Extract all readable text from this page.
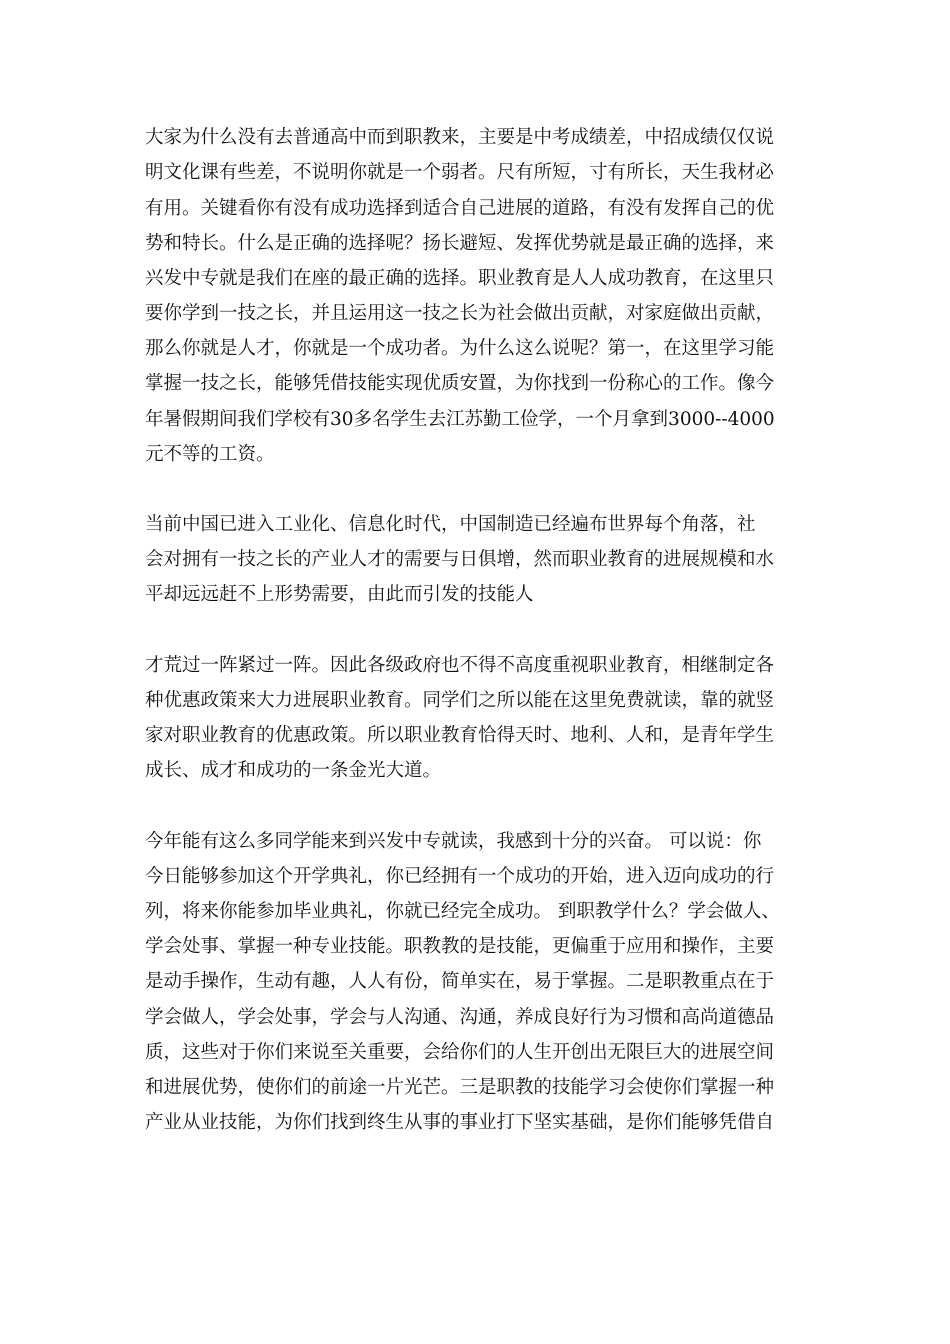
大家为什么没有去普通高中而到职教来，主要是中考成绩差，中招成绩仅仅说
明文化课有些差，不说明你就是一个弱者。尺有所短，寸有所长，天生我材必
有用。关键看你有没有成功选择到适合自己进展的道路，有没有发挥自己的优
势和特长。什么是正确的选择呢？扬长避短、发挥优势就是最正确的选择，来
兴发中专就是我们在座的最正确的选择。职业教育是人人成功教育，在这里只
要你学到一技之长，并且运用这一技之长为社会做出贡献，对家庭做出贡献，
那么你就是人才，你就是一个成功者。为什么这么说呢？第一，在这里学习能
掌握一技之长，能够凭借技能实现优质安置，为你找到一份称心的工作。像今
年暑假期间我们学校有30多名学生去江苏勤工俭学，一个月拿到3000--4000
元不等的工资。
当前中国已进入工业化、信息化时代，中国制造已经遍布世界每个角落，社
会对拥有一技之长的产业人才的需要与日俱增，然而职业教育的进展规模和水
平却远远赶不上形势需要，由此而引发的技能人
才荒过一阵紧过一阵。因此各级政府也不得不高度重视职业教育，相继制定各
种优惠政策来大力进展职业教育。同学们之所以能在这里免费就读，靠的就竖
家对职业教育的优惠政策。所以职业教育恰得天时、地利、人和，是青年学生
成长、成才和成功的一条金光大道。
今年能有这么多同学能来到兴发中专就读，我感到十分的兴奋。 可以说：你
今日能够参加这个开学典礼，你已经拥有一个成功的开始，进入迈向成功的行
列，将来你能参加毕业典礼，你就已经完全成功。 到职教学什么？学会做人、
学会处事、掌握一种专业技能。职教教的是技能，更偏重于应用和操作，主要
是动手操作，生动有趣，人人有份，简单实在，易于掌握。二是职教重点在于
学会做人，学会处事，学会与人沟通、沟通，养成良好行为习惯和高尚道德品
质，这些对于你们来说至关重要，会给你们的人生开创出无限巨大的进展空间
和进展优势，使你们的前途一片光芒。三是职教的技能学习会使你们掌握一种
产业从业技能，为你们找到终生从事的事业打下坚实基础，是你们能够凭借自
